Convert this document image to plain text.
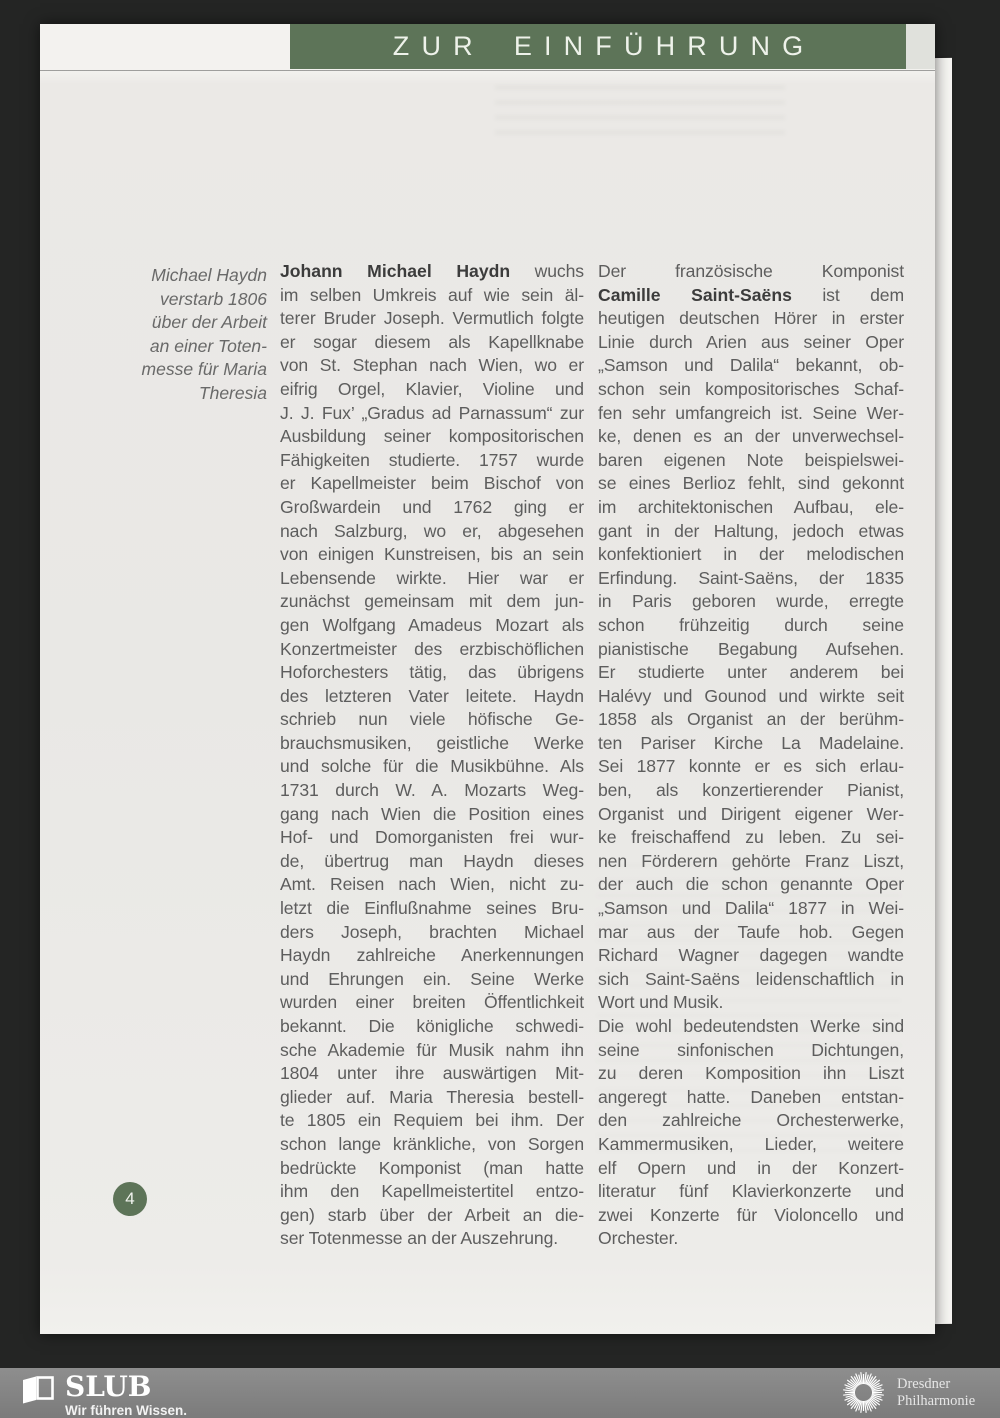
ZUR EINFÜHRUNG
Michael Haydn
verstarb 1806
über der Arbeit
an einer Toten-
messe für Maria
Theresia
Johann Michael Haydn wuchs
im selben Umkreis auf wie sein äl-
terer Bruder Joseph. Vermutlich folgte
er sogar diesem als Kapellknabe
von St. Stephan nach Wien, wo er
eifrig Orgel, Klavier, Violine und
J. J. Fux’ „Gradus ad Parnassum“ zur
Ausbildung seiner kompositorischen
Fähigkeiten studierte. 1757 wurde
er Kapellmeister beim Bischof von
Großwardein und 1762 ging er
nach Salzburg, wo er, abgesehen
von einigen Kunstreisen, bis an sein
Lebensende wirkte. Hier war er
zunächst gemeinsam mit dem jun-
gen Wolfgang Amadeus Mozart als
Konzertmeister des erzbischöflichen
Hoforchesters tätig, das übrigens
des letzteren Vater leitete. Haydn
schrieb nun viele höfische Ge-
brauchsmusiken, geistliche Werke
und solche für die Musikbühne. Als
1731 durch W. A. Mozarts Weg-
gang nach Wien die Position eines
Hof- und Domorganisten frei wur-
de, übertrug man Haydn dieses
Amt. Reisen nach Wien, nicht zu-
letzt die Einflußnahme seines Bru-
ders Joseph, brachten Michael
Haydn zahlreiche Anerkennungen
und Ehrungen ein. Seine Werke
wurden einer breiten Öffentlichkeit
bekannt. Die königliche schwedi-
sche Akademie für Musik nahm ihn
1804 unter ihre auswärtigen Mit-
glieder auf. Maria Theresia bestell-
te 1805 ein Requiem bei ihm. Der
schon lange kränkliche, von Sorgen
bedrückte Komponist (man hatte
ihm den Kapellmeistertitel entzo-
gen) starb über der Arbeit an die-
ser Totenmesse an der Auszehrung.
Der französische Komponist
Camille Saint-Saëns ist dem
heutigen deutschen Hörer in erster
Linie durch Arien aus seiner Oper
„Samson und Dalila“ bekannt, ob-
schon sein kompositorisches Schaf-
fen sehr umfangreich ist. Seine Wer-
ke, denen es an der unverwechsel-
baren eigenen Note beispielswei-
se eines Berlioz fehlt, sind gekonnt
im architektonischen Aufbau, ele-
gant in der Haltung, jedoch etwas
konfektioniert in der melodischen
Erfindung. Saint-Saëns, der 1835
in Paris geboren wurde, erregte
schon frühzeitig durch seine
pianistische Begabung Aufsehen.
Er studierte unter anderem bei
Halévy und Gounod und wirkte seit
1858 als Organist an der berühm-
ten Pariser Kirche La Madelaine.
Sei 1877 konnte er es sich erlau-
ben, als konzertierender Pianist,
Organist und Dirigent eigener Wer-
ke freischaffend zu leben. Zu sei-
nen Förderern gehörte Franz Liszt,
der auch die schon genannte Oper
„Samson und Dalila“ 1877 in Wei-
mar aus der Taufe hob. Gegen
Richard Wagner dagegen wandte
sich Saint-Saëns leidenschaftlich in
Wort und Musik.
Die wohl bedeutendsten Werke sind
seine sinfonischen Dichtungen,
zu deren Komposition ihn Liszt
angeregt hatte. Daneben entstan-
den zahlreiche Orchesterwerke,
Kammermusiken, Lieder, weitere
elf Opern und in der Konzert-
literatur fünf Klavierkonzerte und
zwei Konzerte für Violoncello und
Orchester.
4
SLUB
Wir führen Wissen.
Dresdner
Philharmonie
